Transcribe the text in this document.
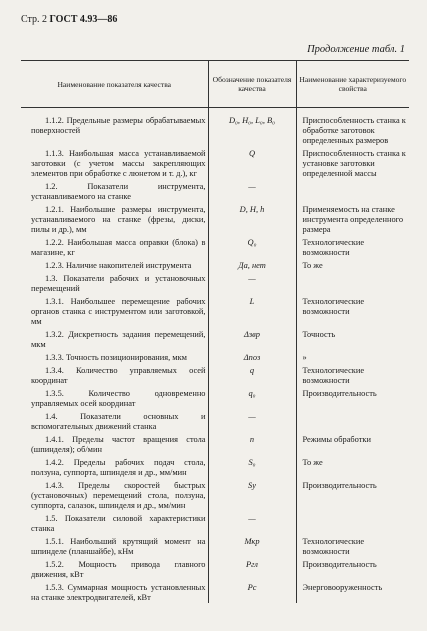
Стр. 2 ГОСТ 4.93—86
Продолжение табл. 1
Наименование показателя качества	Обозначение показателя качества	Наименование характеризуемого свойства
1.1.2. Предельные размеры обрабатываемых поверхностей	D₀, H₀, L₀, B₀	Приспособленность станка к обработке заготовок определенных размеров
1.1.3. Наибольшая масса устанавливаемой заготовки (с учетом массы закрепляющих элементов при обработке с люнетом и т. д.), кг	Q	Приспособленность станка к установке заготовки определенной массы
1.2. Показатели инструмента, устанавливаемого на станке	—	
1.2.1. Наибольшие размеры инструмента, устанавливаемого на станке (фрезы, диски, пилы и др.), мм	D, H, h	Применяемость на станке инструмента определенного размера
1.2.2. Наибольшая масса оправки (блока) в магазине, кг	Q₀	Технологические возможности
1.2.3. Наличие накопителей инструмента	Да, нет	То же
1.3. Показатели рабочих и установочных перемещений	—	
1.3.1. Наибольшее перемещение рабочих органов станка с инструментом или заготовкой, мм	L	Технологические возможности
1.3.2. Дискретность задания перемещений, мкм	Δзвр	Точность
1.3.3. Точность позиционирования, мкм	Δпоз	»
1.3.4. Количество управляемых осей координат	q	Технологические возможности
1.3.5. Количество одновременно управляемых осей координат	q₀	Производительность
1.4. Показатели основных и вспомогательных движений станка	—	
1.4.1. Пределы частот вращения стола (шпинделя); об/мин	n	Режимы обработки
1.4.2. Пределы рабочих подач стола, ползуна, суппорта, шпинделя и др., мм/мин	S₀	То же
1.4.3. Пределы скоростей быстрых (установочных) перемещений стола, ползуна, суппорта, салазок, шпинделя и др., мм/мин	Sу	Производительность
1.5. Показатели силовой характеристики станка	—	
1.5.1. Наибольший крутящий момент на шпинделе (планшайбе), кНм	Mкр	Технологические возможности
1.5.2. Мощность привода главного движения, кВт	Pгл	Производительность
1.5.3. Суммарная мощность установленных на станке электродвигателей, кВт	Pс	Энерговооруженность
